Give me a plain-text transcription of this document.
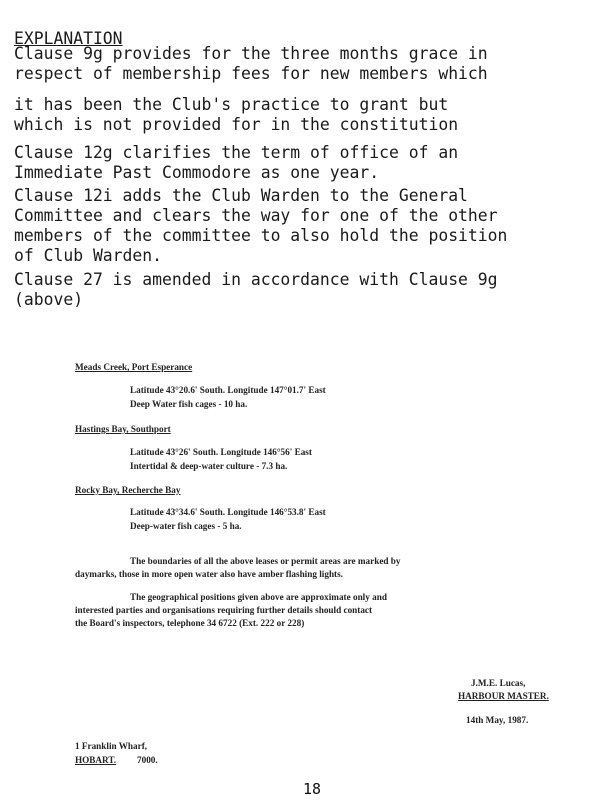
EXPLANATION
Clause 9g provides for the three months grace in
respect of membership fees for new members which
it has been the Club's practice to grant but
which is not provided for in the constitution
Clause 12g clarifies the term of office of an
Immediate Past Commodore as one year.
Clause 12i adds the Club Warden to the General
Committee and clears the way for one of the other
members of the committee to also hold the position
of Club Warden.
Clause 27 is amended in accordance with Clause 9g
(above)
Meads Creek, Port Esperance
Latitude 43°20.6' South. Longitude 147°01.7' East
Deep Water fish cages - 10 ha.
Hastings Bay, Southport
Latitude 43°26' South. Longitude 146°56' East
Intertidal & deep-water culture - 7.3 ha.
Rocky Bay, Recherche Bay
Latitude 43°34.6' South. Longitude 146°53.8' East
Deep-water fish cages - 5 ha.
The boundaries of all the above leases or permit areas are marked by
daymarks, those in more open water also have amber flashing lights.
The geographical positions given above are approximate only and
interested parties and organisations requiring further details should contact
the Board's inspectors, telephone 34 6722 (Ext. 222 or 228)
J.M.E. Lucas,
HARBOUR MASTER.
14th May, 1987.
1 Franklin Wharf,
HOBART. 7000.
18
